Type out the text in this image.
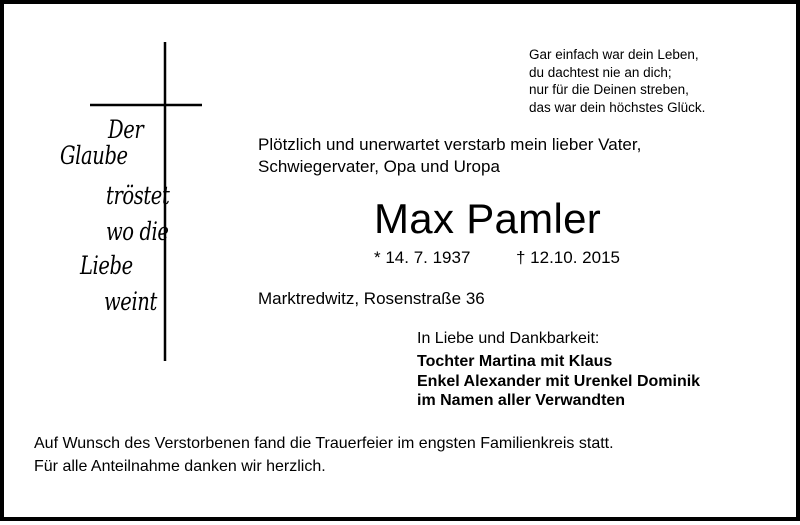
Der
Glaube
tröstet
wo die
Liebe
weint
Gar einfach war dein Leben,
du dachtest nie an dich;
nur für die Deinen streben,
das war dein höchstes Glück.
Plötzlich und unerwartet verstarb mein lieber Vater,
Schwiegervater, Opa und Uropa
Max Pamler
* 14. 7. 1937	† 12.10. 2015
Marktredwitz, Rosenstraße 36
In Liebe und Dankbarkeit:
Tochter Martina mit Klaus
Enkel Alexander mit Urenkel Dominik
im Namen aller Verwandten
Auf Wunsch des Verstorbenen fand die Trauerfeier im engsten Familienkreis statt.
Für alle Anteilnahme danken wir herzlich.
